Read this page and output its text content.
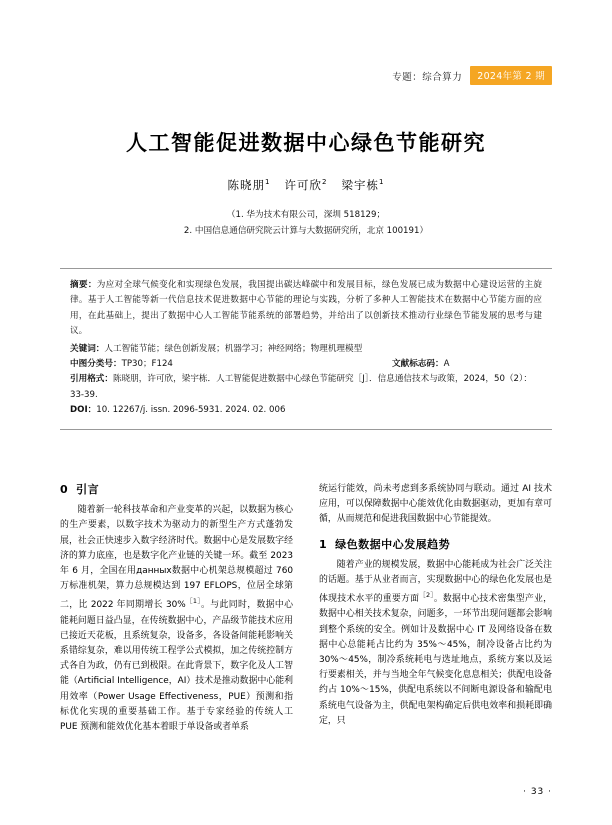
专题：综合算力	2024年第 2 期
人工智能促进数据中心绿色节能研究
陈晓朋$^1$ 许可欣$^2$ 梁宇栋$^1$
（1. 华为技术有限公司，深圳 518129；
2. 中国信息通信研究院云计算与大数据研究所，北京 100191）

摘要：为应对全球气候变化和实现绿色发展，我国提出碳达峰碳中和发展目标，绿色发展已成为数据中心建设运营的主旋律。基于人工智能等新一代信息技术促进数据中心节能的理论与实践，分析了多种人工智能技术在数据中心节能方面的应用，在此基础上，提出了数据中心人工智能节能系统的部署趋势，并给出了以创新技术推动行业绿色节能发展的思考与建议。

关键词：人工智能节能；绿色创新发展；机器学习；神经网络；物理机理模型

中图分类号：TP30；F124	文献标志码：A

引用格式：陈晓朋，许可欣，梁宇栋．人工智能促进数据中心绿色节能研究［J］．信息通信技术与政策，2024，50（2）：33-39.

DOI：10. 12267/j. issn. 2096-5931. 2024. 02. 006

0 引言

随着新一轮科技革命和产业变革的兴起，以数据为核心的生产要素，以数字技术为驱动力的新型生产方式蓬勃发展，社会正快速步入数字经济时代。数据中心是发展数字经济的算力底座，也是数字化产业链的关键一环。截至 2023 年 6 月，全国在用данных数据中心机架总规模超过 760 万标准机架，算力总规模达到 197 EFLOPS，位居全球第二，比 2022 年同期增长 30%$^{[1]}$。与此同时，数据中心能耗问题日益凸显，在传统数据中心，产品级节能技术应用已接近天花板，且系统复杂，设备多，各设备间能耗影响关系错综复杂，难以用传统工程学公式模拟，加之传统控制方式各自为政，仍有已到极限。在此背景下，数字化及人工智能（Artificial Intelligence，AI）技术是推动数据中心能利用效率（Power Usage Effectiveness，PUE）预测和指标优化实现的重要基础工作。基于专家经验的传统人工 PUE 预测和能效优化基本着眼于单设备或者单系

统运行能效，尚未考虑到多系统协同与联动。通过 AI 技术应用，可以保障数据中心能效优化由数据驱动，更加有章可循，从而规范和促进我国数据中心节能提效。

1 绿色数据中心发展趋势

随着产业的规模发展，数据中心能耗成为社会广泛关注的话题。基于从业者而言，实现数据中心的绿色化发展也是体现技术水平的重要方面$^{[2]}$。数据中心技术密集型产业，数据中心相关技术复杂，问题多，一环节出现问题都会影响到整个系统的安全。例如计及数据中心 IT 及网络设备在数据中心总能耗占比约为 35%～45%，制冷设备占比约为 30%～45%，制冷系统耗电与选址地点，系统方案以及运行要素相关，并与当地全年气候变化息息相关；供配电设备约占 10%～15%，供配电系统以不间断电源设备和输配电系统电气设备为主，供配电架构确定后供电效率和损耗即确定，只

· 33 ·
